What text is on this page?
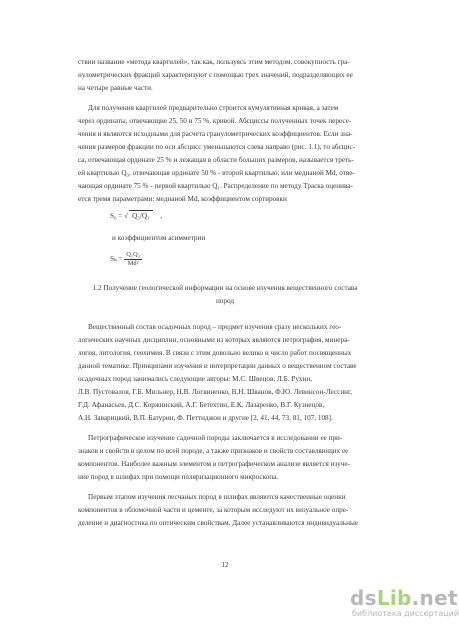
ствии название «метода квартилей», так как, пользуясь этим методом, совокупность гра-
нулометрических фракций характеризуют с помощью трех значений, подразделяющих ее
на четыре равные части.
Для получения квартилей предварительно строится кумулятивная кривая, а затем
через ординаты, отвечающие 25, 50 и 75 %, кривой. Абсциссы полученных точек пересе-
чения и являются исходными для расчета гранулометрических коэффициентов. Если зна-
чения размеров фракции по оси абсцисс уменьшаются слева направо (рис. 1.1), то абсцис-
са, отвечающая ординате 25 % и лежащая в области больших размеров, называется треть-
ей квартилью Q₃, отвечающая ординате 50 % - второй квартилью, или медианой Md, отве-
чающая ординате 75 % - первой квартилью Q₁. Распределение по методу Траска оценива-
ется тремя параметрами: медианой Md, коэффициентом сортировки
S₀ = √ Q₃/Q₁ ,
и коэффициентом асимметрии
$S_k = \frac{\text{Q₁Q₃}}{\text{Md²}}$
1.2 Получение геологической информации на основе изучения вещественного состава
пород
Вещественный состав осадочных пород – предмет изучения сразу нескольких гео-
логических научных дисциплин, основными из которых являются петрография, минера-
логия, литология, геохимия. В связи с этим довольно велико и число работ посвященных
данной тематике. Принципами изучения и интерпретации данных о вещественном составе
осадочных пород занимались следующие авторы: М.С. Швецов, Л.Б. Рухин,
Л.В. Пустовалов, Г.Б. Мильнер, Н.В. Логвиненко, В.Н. Шванов, Ф.Ю. Левинсон-Лессинг,
Г.Д. Афанасьев, Д.С. Коржинский, А.Г. Бетехтин, Е.К. Лазаренко, В.Г. Кузнецов,
А.Н. Заварицкий, В.П. Батурин, Ф. Петтиджон и другие [2, 41, 44, 73, 81, 107, 108].
Петрографическое изучение садочной породы заключается в исследовании ее при-
знаков и свойств в целом по всей породе, а также признаков и свойств составляющих ее
компонентов. Наиболее важным элементом в петрографическом анализе является изуче-
ние пород в шлифах при помощи поляризационного микроскопа.
Первым этапом изучения песчаных пород в шлифах являются качественные оценки
компонентов в обломочной части и цементе, за которым исследуют их визуальное опре-
деление и диагностика по оптическим свойствам. Далее устанавливаются индивидуальные
12
dsLib.net
библиотека диссертаций
